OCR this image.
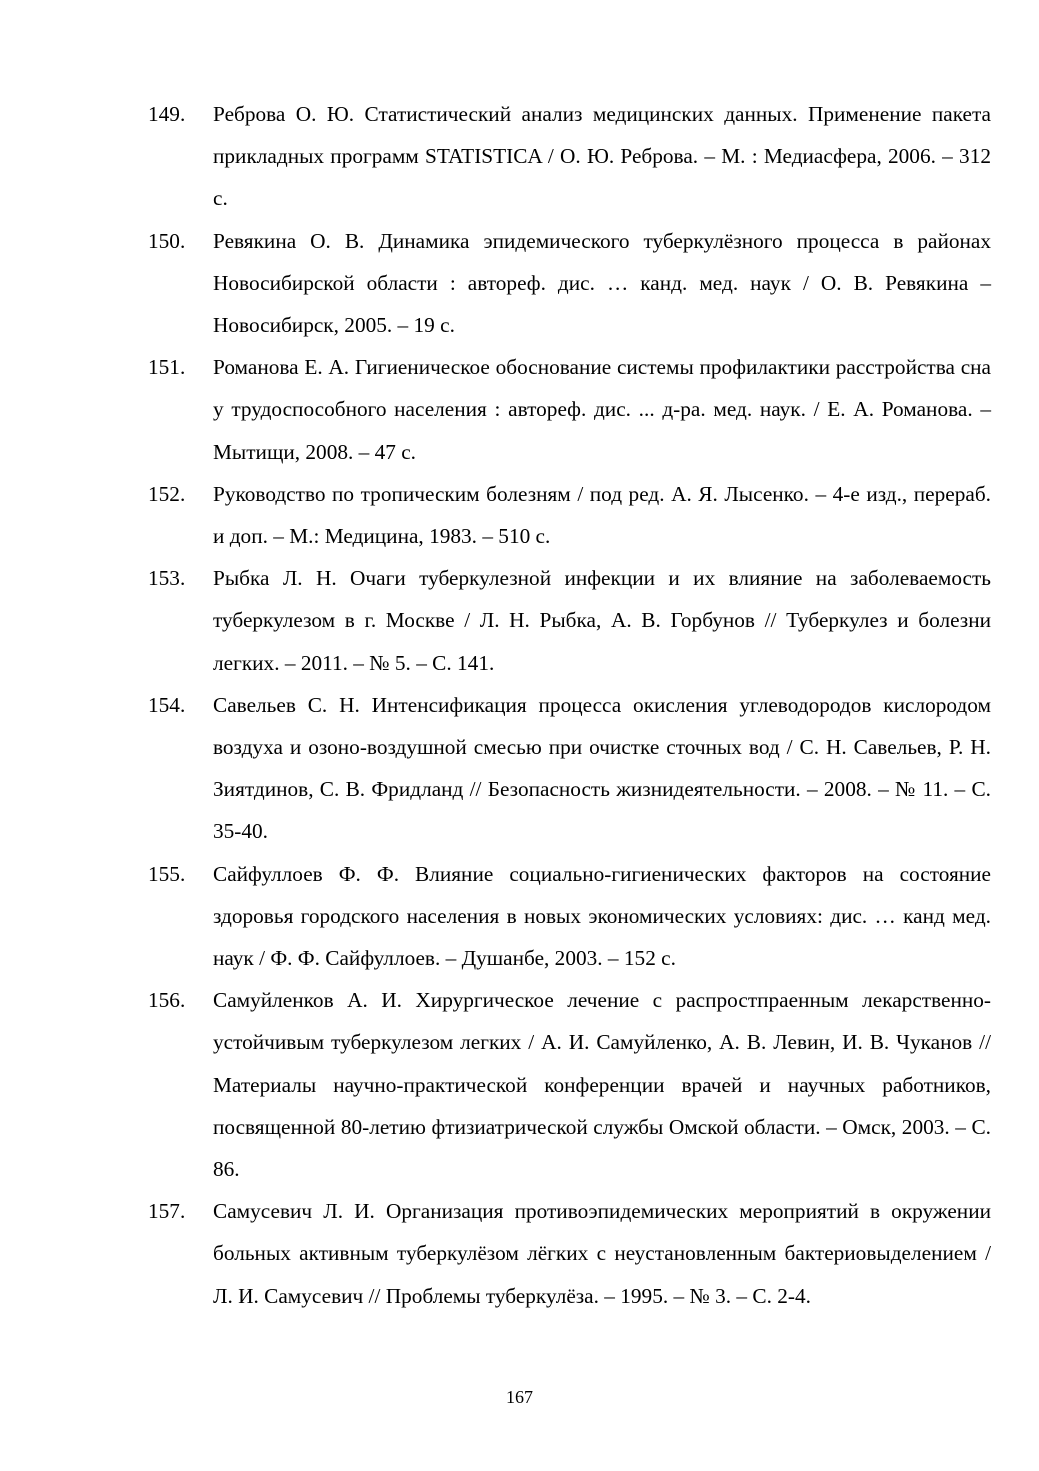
149.	Реброва О. Ю. Статистический анализ медицинских данных. Применение пакета прикладных программ STATISTICA / О. Ю. Реброва. – М. : Медиасфера, 2006. – 312 с.
150.	Ревякина О. В. Динамика эпидемического туберкулёзного процесса в районах Новосибирской области : автореф. дис. … канд. мед. наук / О. В. Ревякина – Новосибирск, 2005. – 19 с.
151.	Романова Е. А. Гигиеническое обоснование системы профилактики расстройства сна у трудоспособного населения : автореф. дис. ... д-ра. мед. наук. / Е. А. Романова. – Мытищи, 2008. – 47 с.
152.	Руководство по тропическим болезням / под ред. А. Я. Лысенко. – 4-е изд., перераб. и доп. – М.: Медицина, 1983. – 510 с.
153.	Рыбка Л. Н. Очаги туберкулезной инфекции и их влияние на заболеваемость туберкулезом в г. Москве / Л. Н. Рыбка, А. В. Горбунов // Туберкулез и болезни легких. – 2011. – № 5. – С. 141.
154.	Савельев С. Н. Интенсификация процесса окисления углеводородов кислородом воздуха и озоно-воздушной смесью при очистке сточных вод / С. Н. Савельев, Р. Н. Зиятдинов, С. В. Фридланд // Безопасность жизнидеятельности. – 2008. – № 11. – С. 35-40.
155.	Сайфуллоев Ф. Ф. Влияние социально-гигиенических факторов на состояние здоровья городского населения в новых экономических условиях: дис. … канд мед. наук / Ф. Ф. Сайфуллоев. – Душанбе, 2003. – 152 с.
156.	Самуйленков А. И. Хирургическое лечение с распростпраенным лекарственно-устойчивым туберкулезом легких / А. И. Самуйленко, А. В. Левин, И. В. Чуканов // Материалы научно-практической конференции врачей и научных работников, посвященной 80-летию фтизиатрической службы Омской области. – Омск, 2003. – С. 86.
157.	Самусевич Л. И. Организация противоэпидемических мероприятий в окружении больных активным туберкулёзом лёгких с неустановленным бактериовыделением / Л. И. Самусевич // Проблемы туберкулёза. – 1995. – № 3. – С. 2-4.
167
